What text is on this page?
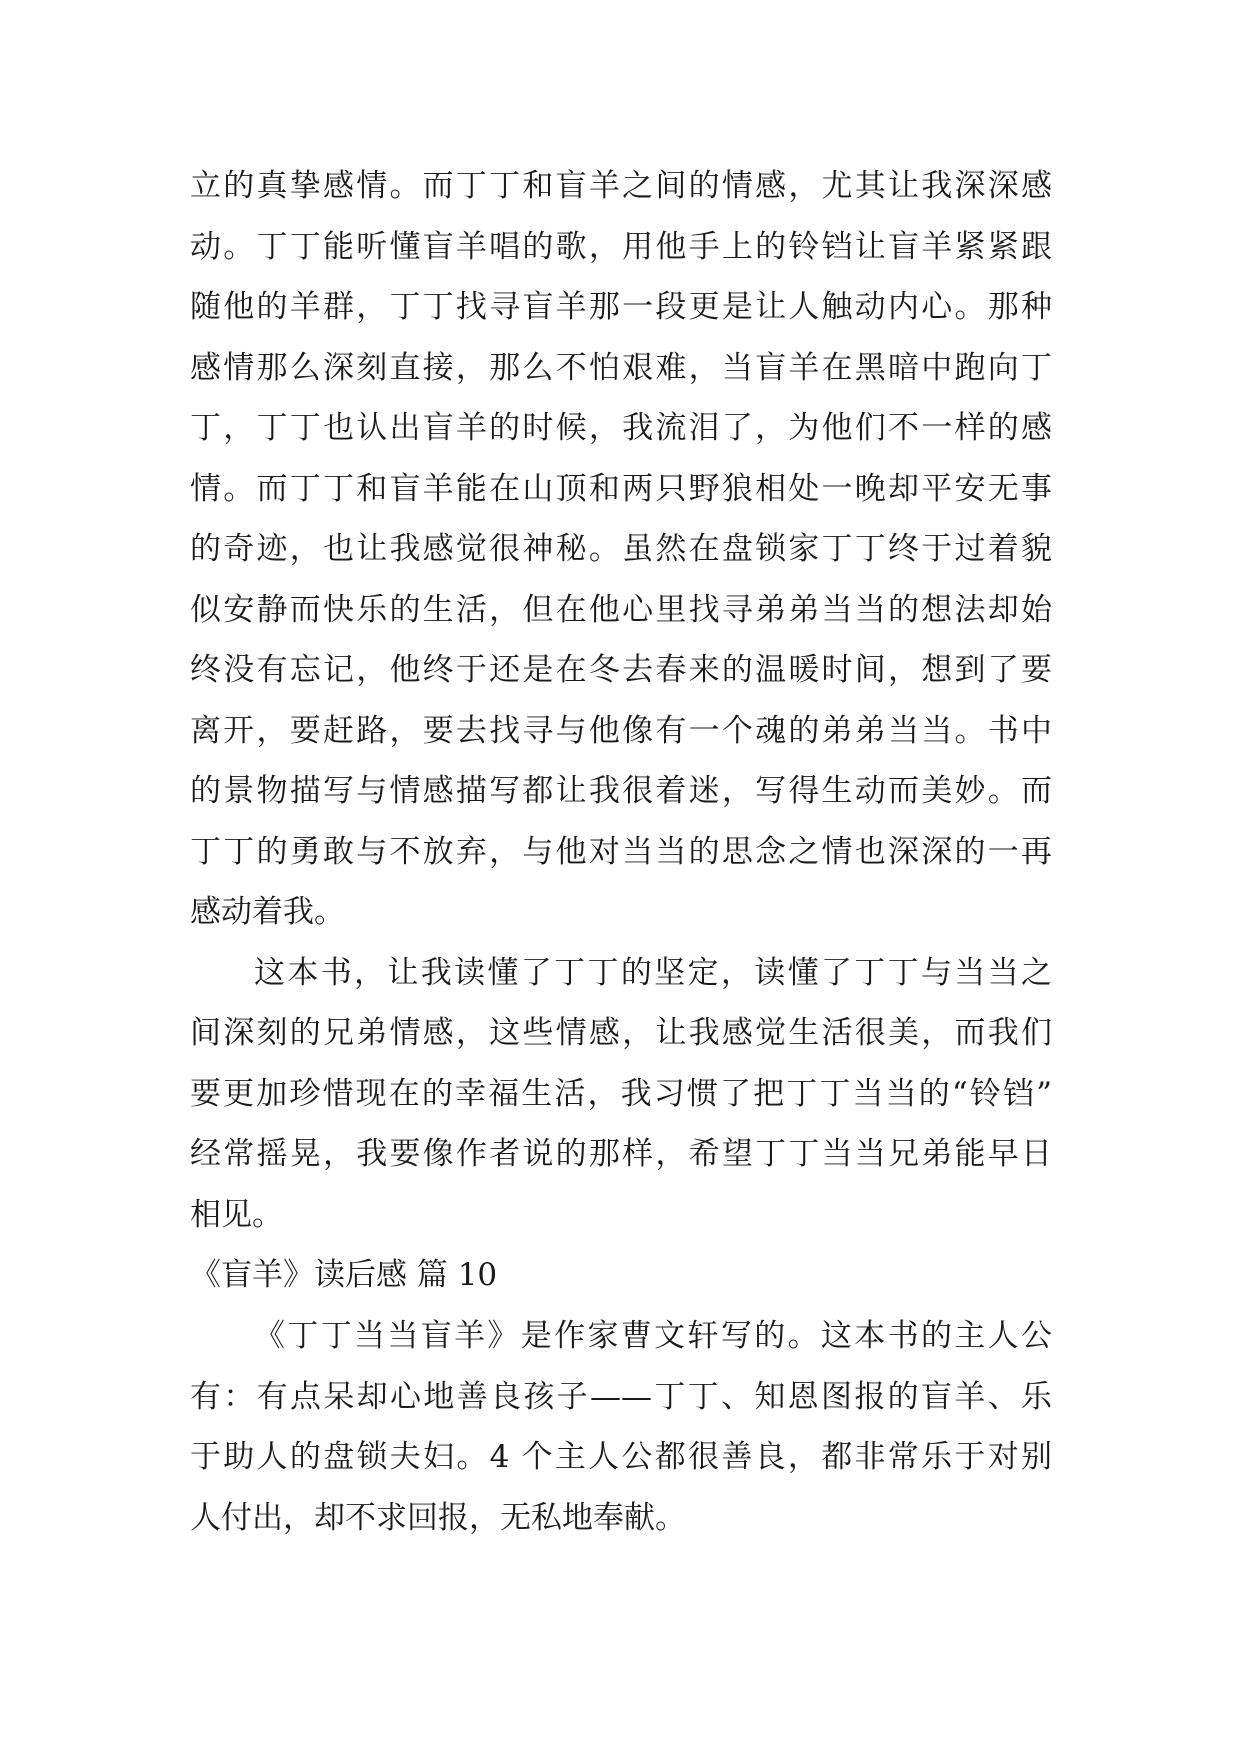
立的真挚感情。而丁丁和盲羊之间的情感，尤其让我深深感
动。丁丁能听懂盲羊唱的歌，用他手上的铃铛让盲羊紧紧跟
随他的羊群，丁丁找寻盲羊那一段更是让人触动内心。那种
感情那么深刻直接，那么不怕艰难，当盲羊在黑暗中跑向丁
丁，丁丁也认出盲羊的时候，我流泪了，为他们不一样的感
情。而丁丁和盲羊能在山顶和两只野狼相处一晚却平安无事
的奇迹，也让我感觉很神秘。虽然在盘锁家丁丁终于过着貌
似安静而快乐的生活，但在他心里找寻弟弟当当的想法却始
终没有忘记，他终于还是在冬去春来的温暖时间，想到了要
离开，要赶路，要去找寻与他像有一个魂的弟弟当当。书中
的景物描写与情感描写都让我很着迷，写得生动而美妙。而
丁丁的勇敢与不放弃，与他对当当的思念之情也深深的一再
感动着我。
这本书，让我读懂了丁丁的坚定，读懂了丁丁与当当之
间深刻的兄弟情感，这些情感，让我感觉生活很美，而我们
要更加珍惜现在的幸福生活，我习惯了把丁丁当当的“铃铛”
经常摇晃，我要像作者说的那样，希望丁丁当当兄弟能早日
相见。
《盲羊》读后感 篇 10
《丁丁当当盲羊》是作家曹文轩写的。这本书的主人公
有：有点呆却心地善良孩子——丁丁、知恩图报的盲羊、乐
于助人的盘锁夫妇。4 个主人公都很善良，都非常乐于对别
人付出，却不求回报，无私地奉献。
